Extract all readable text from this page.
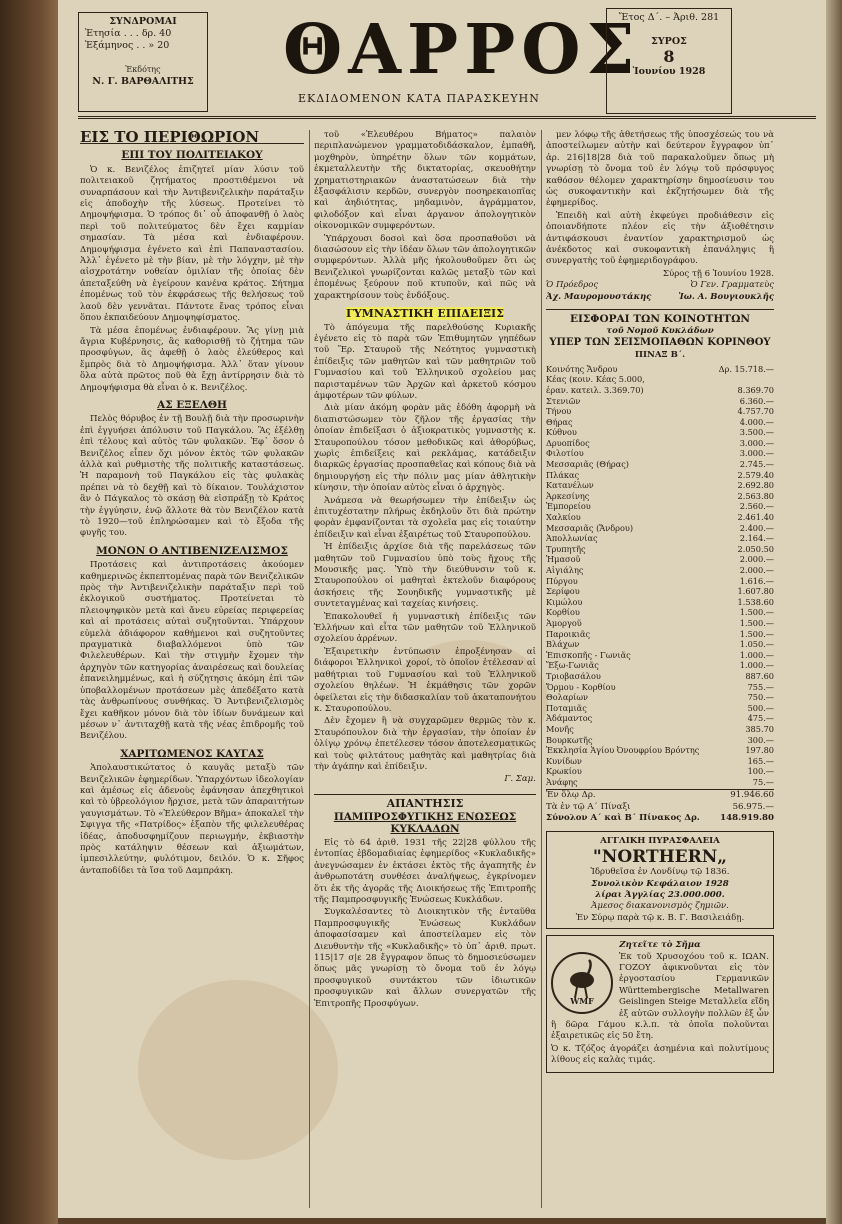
ΣΥΝΔΡΟΜΑΙ
Ἐτησία . . . δρ. 40
Ἑξάμηνος . . » 20
Ἐκδότης
Ν. Γ. ΒΑΡΘΑΛΙΤΗΣ ΘΑΡΡΟΣ
ΕΚΔΙΔΟΜΕΝΟΝ ΚΑΤΑ ΠΑΡΑΣΚΕΥΗΝ
Ἔτος Δ΄. – Ἀριθ. 281
ΣΥΡΟΣ
8
Ἰουνίου 1928
ΕΙΣ ΤΟ ΠΕΡΙΘΩΡΙΟΝ
ΕΠΙ ΤΟΥ ΠΟΛΙΤΕΙΑΚΟΥ

Ὁ κ. Βενιζέλος ἐπιζητεῖ μίαν λύσιν τοῦ πολιτειακοῦ ζητήματος προστιθέμενοι νὰ συναρπάσουν καὶ τὴν Ἀντιβενιζελικὴν παράταξιν εἰς ἀποδοχὴν τῆς λύσεως. Προτείνει τὸ Δημοψήφισμα. Ὁ τρόπος δι᾽ οὗ ἀποφανθῇ ὁ λαὸς περὶ τοῦ πολιτεύματος δὲν ἔχει καμμίαν σημασίαν. Τὰ μέσα καὶ ἐνδιαφέρουν. Δημοψήφισμα ἐγένετο καὶ ἐπὶ Παπαναστασίου. Ἀλλ᾽ ἐγένετο μὲ τὴν βίαν, μὲ τὴν λόγχην, μὲ τὴν αἰσχροτάτην νοθείαν ὁμιλίαν τῆς ὁποίας δὲν ἀπεταξεύθη νὰ ἐγείρουν κανένα κράτος. Σήτημα ἐπομένως τοῦ τὸν ἐκφράσεως τῆς θελήσεως τοῦ λαοῦ δὲν γεννᾶται. Πάντοτε ἔνας τρόπος εἶναι ὅπου ἐκπαιδεύουν Δημοψηφίσματος.

Τὰ μέσα ἐπομένως ἐνδιαφέρουν. Ἂς γίνῃ μιὰ ἄγρια Κυβέρνησις, ἂς καθορισθῇ τὸ ζήτημα τῶν προσφύγων, ἂς ἀφεθῇ ὁ λαὸς ἐλεύθερος καὶ ἔμπρὸς διὰ τὸ Δημοψήφισμα. Ἀλλ᾽ ὅταν γίνουν ὅλα αὐτὰ πρῶτος ποῦ θὰ ἔχῃ ἀντίρρησιν διὰ τὸ Δημοψήφισμα θὰ εἶναι ὁ κ. Βενιζέλος.

ΑΣ ΕΞΕΛΘΗ

Πελὸς θόρυβος ἐν τῇ Βουλῇ διὰ τὴν προσωρινὴν ἐπὶ ἐγγυήσει ἀπόλυσιν τοῦ Παγκάλου. Ἂς ἐξέλθῃ ἐπὶ τέλους καὶ αὐτὸς τῶν φυλακῶν. Ἐφ᾽ ὅσον ὁ Βενιζέλος εἶπεν ὄχι μόνον ἐκτὸς τῶν φυλακῶν ἀλλὰ καὶ ρυθμιστὴς τῆς πολιτικῆς καταστάσεως. Ἡ παραμονὴ τοῦ Παγκάλου εἰς τὰς φυλακὰς πρέπει νὰ τὸ δεχθῇ καὶ τὸ δίκαιον. Τουλάχιστον ἂν ὁ Πάγκαλος τὸ σκάσῃ θὰ εἰσπράξῃ τὸ Κράτος τὴν ἐγγύησιν, ἐνῷ ἄλλοτε θὰ τὸν Βενιζέλον κατὰ τὸ 1920—τοῦ ἐπληρώσαμεν καὶ τὸ ἔξοδα τῆς φυγῆς του.

ΜΟΝΟΝ Ο ΑΝΤΙΒΕΝΙΖΕΛΙΣΜΟΣ

Προτάσεις καὶ ἀντιπροτάσεις ἀκούομεν καθημερινῶς ἐκπεπτομένας παρὰ τῶν Βενιζελικῶν πρὸς τὴν Ἀντιβενιζελικὴν παράταξιν περὶ τοῦ ἐκλογικοῦ συστήματος. Προτείνεται τὸ πλειοψηφικὸν μετὰ καὶ ἄνευ εὐρείας περιφερείας καὶ αἱ προτάσεις αὐταὶ συζητοῦνται. Ὑπάρχουν εὐμελὰ ἀδιάφορον καθήμενοι καὶ συζητοῦντες πραγματικὰ διαβαλλόμενοι ὑπὸ τῶν Φιλελευθέρων. Καὶ τὴν στιγμὴν ἔχομεν τὴν ἀρχηγὸν τῶν κατηγορίας ἀναιρέσεως καὶ δουλείας ἐπανειλημμένως, καὶ ἡ σύζητησις ἀκόμη ἐπὶ τῶν ὑποβαλλομένων προτάσεων μὲς ἀπεδέξατο κατὰ τὰς ἀνθρωπίνους συνθήκας. Ὁ Ἀντιβενιζελισμὸς ἔχει καθῆκον μόνον διὰ τὸν ἰδίων δυνάμεων καὶ μέσων ν᾽ ἀντιταχθῇ κατὰ τῆς νέας ἐπιδρομῆς τοῦ Βενιζέλου.

ΧΑΡΙΤΩΜΕΝΟΣ ΚΑΥΓΑΣ

Ἀπολαυστικώτατος ὁ καυγᾶς μεταξὺ τῶν Βενιζελικῶν ἐφημερίδων. Ὑπαρχόντων ἰδεολογίαν καὶ ἀμέσως εἰς ἀδενοὺς ἐφάνησαν ἀπεχθητικοὶ καὶ τὸ ὑβρεολόγιον ἤρχισε, μετὰ τῶν ἀπαραιτήτων γαυγισμάτων. Τὸ «Ἐλεύθερον Βῆμα» ἀποκαλεῖ τὴν Σφιγγα τῆς «Πατρίδος» ἐξαπὸν τῆς φιλελευθέρας ἰδέας, ἀποδυσφημίζουν περιωγμήν, ἐκβιαστὴν πρὸς κατάληψιν θέσεων καὶ ἀξιωμάτων, ἰμπεσιλλεύτην, φυλότιμον, δειλόν. Ὁ κ. Σῆφος ἀνταποδίδει τὰ ἴσα τοῦ Δαμπράκη.

τοῦ «Ἐλευθέρου Βήματος» παλαιὸν περιπλανώμενον γραμματοδιδάσκαλον, ἐμπαθῆ, μοχθηρὸν, ὑπηρέτην ὅλων τῶν κομμάτων, ἐκμεταλλευτὴν τῆς δικτατορίας, σκευοθήτην χρηματιστηριακῶν ἀναστατώσεων διὰ τὴν ἐξασφάλισιν κερδῶν, συνεργὸν ποσηρεκαιοπῖας καὶ ἀηδιότητας, μηδαμινὸν, ἀγράμματον, φιλοδόξον καὶ εἶναι ἀργανον ἀπολογητικὸν οἰκονομικῶν συμφερόντων.

Ὑπάρχουσι δοσοὶ καὶ ὅσα προσπαθοῦσι νὰ διασώσουν εἰς τὴν ἰδέαν ὅλων τῶν ἀπολογητικῶν συμφερόντων. Ἀλλὰ μῆς ἠκολουθοῦμεν ὅτι ὡς Βενιζελικοὶ γνωρίζονται καλῶς μεταξὺ τῶν καὶ ἐπομένως ξεύρουν ποῦ κτυποῦν, καὶ πῶς νὰ χαρακτηρίσουν τοὺς ἐνδόξους.

ΓΥΜΝΑΣΤΙΚΗ ΕΠΙΔΕΙΞΙΣ

Τὸ ἀπόγευμα τῆς παρελθούσης Κυριακῆς ἐγένετο εἰς τὸ παρὰ τῶν Ἐπιθυμητῶν γηπέδων τοῦ Ἕρ. Σταυροῦ τῆς Νεότητος γυμναστικὴ ἐπίδειξις τῶν μαθητῶν καὶ τῶν μαθητριῶν τοῦ Γυμνασίου καὶ τοῦ Ἑλληνικοῦ σχολείου μας παρισταμένων τῶν Ἀρχῶν καὶ ἀρκετοῦ κόσμου ἀμφοτέρων τῶν φύλων.

Διὰ μίαν ἀκόμη φορὰν μᾶς ἐδόθη ἀφορμὴ νὰ διαπιστώσωμεν τὸν ζῆλον τῆς ἐργασίας τὴν ὁποίαν ἐπιδείξασι ὁ ἀξιοκρατικὸς γυμναστὴς κ. Σταυροπούλου τόσον μεθοδικῶς καὶ ἀθορύβως, χωρὶς ἐπιδείξεις καὶ ρεκλάμας, κατάδειξιν διαρκῶς ἐργασίας προσπαθεῖας καὶ κόπους διὰ νὰ δημιουργήσῃ εἰς τὴν πόλιν μας μίαν ἀθλητικὴν κίνησιν, τὴν ὁποίαν αὐτὸς εἶναι ὁ ἀρχηγὸς.

Ἀνάμεσα νὰ θεωρήσωμεν τὴν ἐπίδειξιν ὡς ἐπιτυχέστατην πλήρως ἐκδηλοῦν ὅτι διὰ πρώτην φορὰν ἐμφανίζονται τὰ σχολεῖα μας εἰς τοιαύτην ἐπίδειξιν καὶ εἶναι ἐξαιρέτως τοῦ Σταυροπούλου.

Ἡ ἐπίδειξις ἀρχίσε διὰ τῆς παρελάσεως τῶν μαθητῶν τοῦ Γυμνασίου ὑπὸ τοὺς ἤχους τῆς Μουσικῆς μας. Ὑπὸ τὴν διεύθυνσιν τοῦ κ. Σταυροπούλου οἱ μαθηταὶ ἐκτελοῦν διαφόρους ἀσκήσεις τῆς Σουηδικῆς γυμναστικῆς μὲ συντεταγμένας καὶ ταχείας κινήσεις.

Ἐπακολουθεῖ ἡ γυμναστικὴ ἐπίδειξις τῶν Ἑλλήνων καὶ εἶτα τῶν μαθητῶν τοῦ Ἑλληνικοῦ σχολείου ἀρρένων.

Ἐξαιρετικὴν ἐντύπωσιν ἐπροξένησαν αἱ διάφοροι Ἑλληνικοὶ χοροί, τὸ ὁποῖον ἐτέλεσαν αἱ μαθήτριαι τοῦ Γυμνασίου καὶ τοῦ Ἑλληνικοῦ σχολείου θηλέων. Ἡ ἐκμάθησις τῶν χορῶν ὀφείλεται εἰς τὴν διδασκαλίαν τοῦ ἀκαταπονήτου κ. Σταυροπούλου.

Δὲν ἔχομεν ἢ νὰ συγχαρῶμεν θερμῶς τὸν κ. Σταυρόπουλον διὰ τὴν ἐργασίαν, τὴν ὁποίαν ἐν ὀλίγῳ χρόνῳ ἐπετέλεσεν τόσον ἀποτελεσματικῶς καὶ τοὺς φιλτάτους μαθητὰς καὶ μαθητρίας διὰ τὴν ἀγάπην καὶ ἐπίδειξιν.

Γ. Σαμ.
ΑΠΑΝΤΗΣΙΣ
ΠΑΜΠΡΟΣΦΥΓΙΚΗΣ ΕΝΩΣΕΩΣ ΚΥΚΛΑΔΩΝ

Εἰς τὸ 64 ἀριθ. 1931 τῆς 22|28 φύλλου τῆς ἐντοπίας ἑβδομαδιαίας ἐφημερίδος «Κυκλαδικῆς» ἀνεγνώσαμεν ἐν ἐκτάσει ἐκτὸς τῆς ἀγαπητῆς ἐν ἀνθρωποτάτη συνθέσει ἀναλήψεως, ἐγκρίνομεν ὅτι ἐκ τῆς ἀγορᾶς τῆς Διοικήσεως τῆς Ἐπιτροπῆς τῆς Παμπροσφυγικῆς Ἑνώσεως Κυκλάδων.

Συγκαλέσαντες τὸ Διοικητικὸν τῆς ἐνταῦθα Παμπροσφυγικῆς Ἑνώσεως Κυκλάδων ἀποφασίσαμεν καὶ ἀποστείλαμεν εἰς τὸν Διευθυντὴν τῆς «Κυκλαδικῆς» τὸ ὑπ᾽ ἀριθ. πρωτ. 115|17 σ|ε 28 ἔγγραφον ὅπως τὸ δημοσιεύσωμεν ὅπως μᾶς γνωρίσῃ τὸ ὄνομα τοῦ ἐν λόγῳ προσφυγικοῦ συντάκτου τῶν ἰδιωτικῶν προσφυγικῶν καὶ ἄλλων συνεργατῶν τῆς Ἐπιτροπῆς Προσφύγων.

μεν λόφῳ τῆς ἀθετήσεως τῆς ὑποσχέσεώς του νὰ ἀποστείλωμεν αὐτὴν καὶ δεύτερον ἔγγραφον ὑπ᾽ ἀρ. 216|18|28 διὰ τοῦ παρακαλοῦμεν ὅπως μὴ γνωρίσῃ τὸ ὄνομα τοῦ ἐν λόγῳ τοῦ πρόσφυγος καθόσον θέλομεν χαρακτηρίσην δημοσίευσιν του ὡς συκοφαντικὴν καὶ ἐκζητήσωμεν διὰ τῆς ἐφημερίδος.

Ἐπειδὴ καὶ αὐτὴ ἐκφεύγει προδιάθεσιν εἰς ὁποιανδήποτε πλέον εἰς τὴν ἀξιοθέτησιν ἀντιφάσκουσι ἐναντίον χαρακτηρισμοῦ ὡς ἀνέκδοτος καὶ συκοφαντικὴ ἐπανάληψις ἢ συνεργατὴς τοῦ ἐφημεριδογράφου.

Σύρος τῇ 6 Ἰουνίου 1928.
Ὁ Πρόεδρος	Ὁ Γεν. Γραμματεὺς
Ἀχ. Μαυρομουστάκης	Ἰω. Α. Βουγιουκλῆς
ΕΙΣΦΟΡΑΙ ΤΩΝ ΚΟΙΝΟΤΗΤΩΝ
τοῦ Νομοῦ Κυκλάδων
ΥΠΕΡ ΤΩΝ ΣΕΙΣΜΟΠΑΘΩΝ ΚΟΡΙΝΘΟΥ
ΠΙΝΑΞ Β΄.
Κοινότης Ἄνδρου	Δρ. 15.718.—
Κέας (κοιν. Κέας 5.000,	
ἐραν. κατειλ. 3.369.70)	8.369.70
Στενιῶν	6.360.—
Τήνου	4.757.70
Θήρας	4.000.—
Κύθνου	3.500.—
Δρυοπίδος	3.000.—
Φιλοτίου	3.000.—
Μεσσαριᾶς (Θήρας)	2.745.—
Πλάκας	2.579.40
Κατανέλων	2.692.80
Ἀρκεσίνης	2.563.80
Ἐμπορείου	2.560.—
Χαλκίου	2.461.40
Μεσσαριᾶς (Ἄνδρου)	2.400.—
Ἀπολλωνίας	2.164.—
Τρυπητῆς	2.050.50
Ἠμασοῦ	2.000.—
Αἰγιάλης	2.000.—
Πύργου	1.616.—
Σερίφου	1.607.80
Κιμώλου	1.538.60
Κορθίου	1.500.—
Ἀμοργοῦ	1.500.—
Παροικιᾶς	1.500.—
Βλάχων	1.050.—
Ἐπισκοπῆς - Γωνιᾶς	1.000.—
Ἔξω-Γωνιᾶς	1.000.—
Τριοβασάλου	887.60
Ὄρμου - Κορθίου	755.—
Θολαρίων	750.—
Ποταμιᾶς	500.—
Ἀδάμαντος	475.—
Μονῆς	385.70
Βουρκωτῆς	300.—
Ἐκκλησία Ἁγίου Ὀνουφρίου Βρόντης	197.80
Κυνίδων	165.—
Κρωκίου	100.—
Ἀνάφης	75.—
Ἐν ὅλῳ Δρ.	91.946.60
Τὰ ἐν τῷ Α΄ Πίναξι	56.975.—
Σύνολον Α΄ καὶ Β΄ Πίνακος Δρ. 148.919.80
ΑΓΓΛΙΚΗ ΠΥΡΑΣΦΑΛΕΙΑ
"NORTHERN„
Ἱδρυθεῖσα ἐν Λονδίνῳ τῷ 1836.
Συνολικὸν Κεφάλαιον 1928
λίραι Ἀγγλίας 23.000.000.
Ἀμεσος διακανονισμὸς ζημιῶν.
Ἐν Σύρῳ παρὰ τῷ κ. Β. Γ. Βασιλειάδῃ.
Ζητεῖτε τὸ Σῆμα
WMF

Ἐκ τοῦ Χρυσοχόου τοῦ κ. ΙΩΑΝ. ΓΟΖΟΥ ἀφικνοῦνται εἰς τὸν ἐργοστασίου Γερμανικῶν Württembergische Metallwaren Geislingen Steige Μεταλλεῖα εἴδη ἐξ αὐτῶν συλλογὴν πολλῶν ἐξ ὧν ἢ δῶρα Γάμου κ.λ.π. τὰ ὁποῖα πολοῦνται ἐξαιρετικῶς εἰς 50 ἔτη.

Ὁ κ. Τζόζος ἀγοράζει ἀσημένια καὶ πολυτίμους λίθους εἰς καλὰς τιμάς.
